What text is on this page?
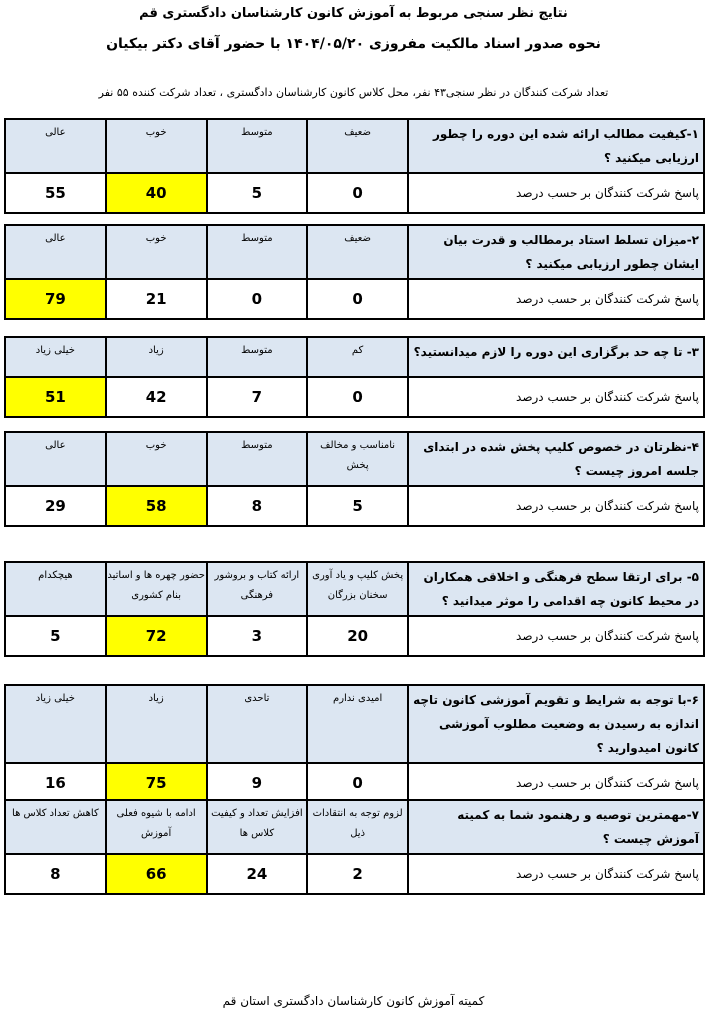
نتایج نظر سنجی مربوط به آموزش کانون کارشناسان دادگستری قم
نحوه صدور اسناد مالکیت مفروزی ۱۴۰۴/۰۵/۲۰ با حضور آقای دکتر بیکیان
تعداد شرکت کنندگان در نظر سنجی۴۳ نفر، محل کلاس کانون کارشناسان دادگستری ، تعداد شرکت کننده ۵۵ نفر
۱-کیفیت مطالب ارائه شده این دوره را چطور ارزیابی میکنید ؟	ضعیف	متوسط	خوب	عالی
پاسخ شرکت کنندگان بر حسب درصد	0	5	40	55
۲-میزان تسلط استاد برمطالب و قدرت بیان ایشان چطور ارزیابی میکنید ؟	ضعیف	متوسط	خوب	عالی
پاسخ شرکت کنندگان بر حسب درصد	0	0	21	79
۳- تا چه حد برگزاری این دوره را لازم میدانستید؟	کم	متوسط	زیاد	خیلی زیاد
پاسخ شرکت کنندگان بر حسب درصد	0	7	42	51
۴-نظرتان در خصوص کلیپ پخش شده در ابتدای جلسه امروز چیست ؟	نامناسب و مخالف پخش	متوسط	خوب	عالی
پاسخ شرکت کنندگان بر حسب درصد	5	8	58	29
۵- برای ارتقا سطح فرهنگی و اخلاقی همکاران در محیط کانون چه اقدامی را موثر میدانید ؟	پخش کلیپ و یاد آوری سخنان بزرگان	ارائه کتاب و بروشور فرهنگی	حضور چهره ها و اساتید بنام کشوری	هیچکدام
پاسخ شرکت کنندگان بر حسب درصد	20	3	72	5
۶-با توجه به شرایط و تقویم آموزشی کانون تاچه اندازه به رسیدن به وضعیت مطلوب آموزشی کانون امیدوارید ؟	امیدی ندارم	تاحدی	زیاد	خیلی زیاد
پاسخ شرکت کنندگان بر حسب درصد	0	9	75	16
۷-مهمترین توصیه و رهنمود شما به کمیته آموزش چیست ؟	لزوم توجه به انتقادات ذیل	افزایش تعداد و کیفیت کلاس ها	ادامه با شیوه فعلی آموزش	کاهش تعداد کلاس ها
پاسخ شرکت کنندگان بر حسب درصد	2	24	66	8
کمیته آموزش کانون کارشناسان دادگستری استان قم
